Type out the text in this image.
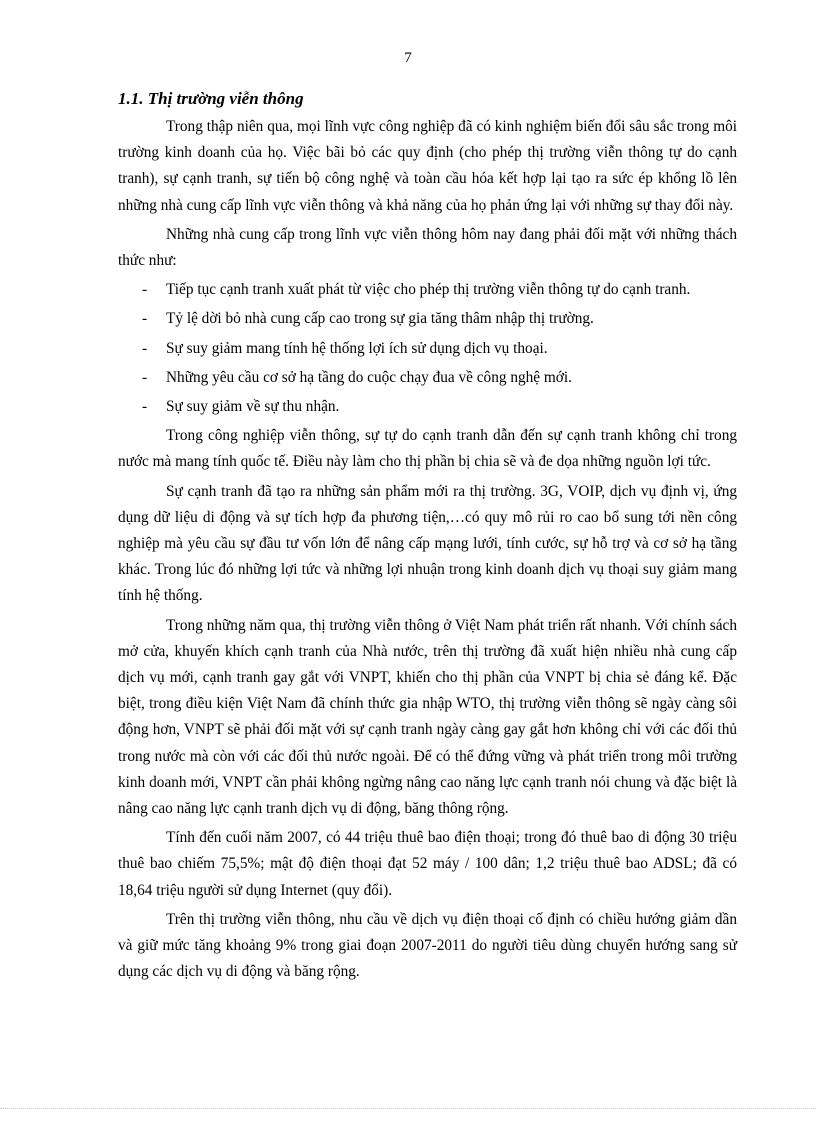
7
1.1. Thị trường viễn thông

Trong thập niên qua, mọi lĩnh vực công nghiệp đã có kinh nghiệm biến đổi sâu sắc trong môi trường kinh doanh của họ. Việc bãi bỏ các quy định (cho phép thị trường viễn thông tự do cạnh tranh), sự cạnh tranh, sự tiến bộ công nghệ và toàn cầu hóa kết hợp lại tạo ra sức ép khổng lồ lên những nhà cung cấp lĩnh vực viễn thông và khả năng của họ phản ứng lại với những sự thay đổi này.

Những nhà cung cấp trong lĩnh vực viễn thông hôm nay đang phải đối mặt với những thách thức như:

- Tiếp tục cạnh tranh xuất phát từ việc cho phép thị trường viễn thông tự do cạnh tranh.
- Tỷ lệ dời bỏ nhà cung cấp cao trong sự gia tăng thâm nhập thị trường.
- Sự suy giảm mang tính hệ thống lợi ích sử dụng dịch vụ thoại.
- Những yêu cầu cơ sở hạ tầng do cuộc chạy đua về công nghệ mới.
- Sự suy giảm về sự thu nhận.

Trong công nghiệp viễn thông, sự tự do cạnh tranh dẫn đến sự cạnh tranh không chỉ trong nước mà mang tính quốc tế. Điều này làm cho thị phần bị chia sẽ và đe dọa những nguồn lợi tức.

Sự cạnh tranh đã tạo ra những sản phẩm mới ra thị trường. 3G, VOIP, dịch vụ định vị, ứng dụng dữ liệu di động và sự tích hợp đa phương tiện,…có quy mô rủi ro cao bổ sung tới nền công nghiệp mà yêu cầu sự đầu tư vốn lớn để nâng cấp mạng lưới, tính cước, sự hỗ trợ và cơ sở hạ tầng khác. Trong lúc đó những lợi tức và những lợi nhuận trong kinh doanh dịch vụ thoại suy giảm mang tính hệ thống.

Trong những năm qua, thị trường viễn thông ở Việt Nam phát triển rất nhanh. Với chính sách mở cửa, khuyến khích cạnh tranh của Nhà nước, trên thị trường đã xuất hiện nhiều nhà cung cấp dịch vụ mới, cạnh tranh gay gắt với VNPT, khiến cho thị phần của VNPT bị chia sẻ đáng kể. Đặc biệt, trong điều kiện Việt Nam đã chính thức gia nhập WTO, thị trường viễn thông sẽ ngày càng sôi động hơn, VNPT sẽ phải đối mặt với sự cạnh tranh ngày càng gay gắt hơn không chỉ với các đối thủ trong nước mà còn với các đối thủ nước ngoài. Để có thể đứng vững và phát triển trong môi trường kinh doanh mới, VNPT cần phải không ngừng nâng cao năng lực cạnh tranh nói chung và đặc biệt là nâng cao năng lực cạnh tranh dịch vụ di động, băng thông rộng.

Tính đến cuối năm 2007, có 44 triệu thuê bao điện thoại; trong đó thuê bao di động 30 triệu thuê bao chiếm 75,5%; mật độ điện thoại đạt 52 máy / 100 dân; 1,2 triệu thuê bao ADSL; đã có 18,64 triệu người sử dụng Internet (quy đổi).

Trên thị trường viễn thông, nhu cầu về dịch vụ điện thoại cố định có chiều hướng giảm dần và giữ mức tăng khoảng 9% trong giai đoạn 2007-2011 do người tiêu dùng chuyển hướng sang sử dụng các dịch vụ di động và băng rộng.
